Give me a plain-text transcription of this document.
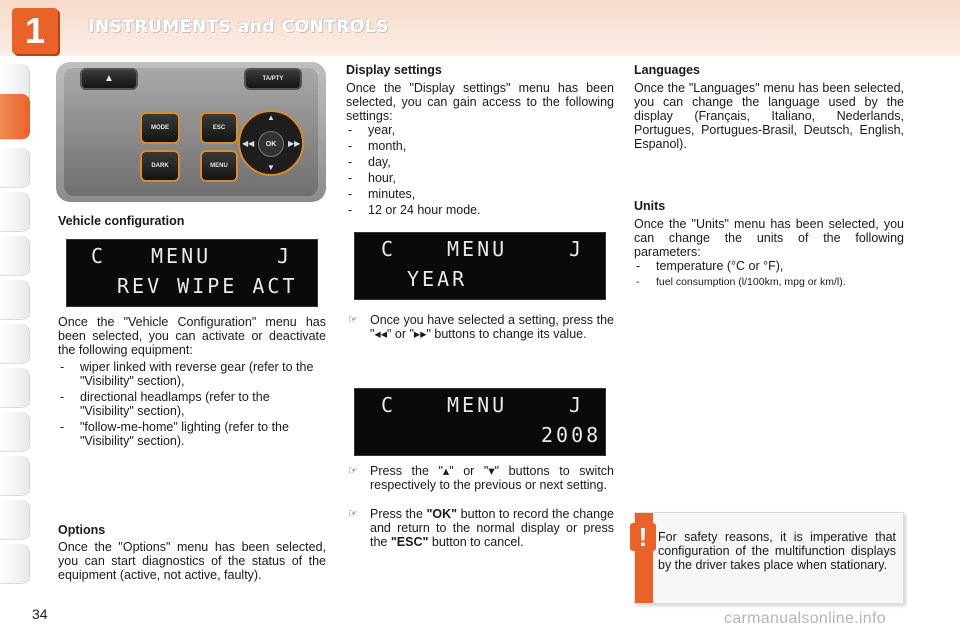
1	INSTRUMENTS and CONTROLS
▲	TA/PTY
MODE
DARK
ESC
MENU
▲
▼
◀◀	▶▶
OK
Vehicle configuration
C MENU	J
REV WIPE ACT
Once the "Vehicle Configuration" menu has been selected, you can activate or deactivate the following equipment:
- wiper linked with reverse gear (refer to the "Visibility" section),
- directional headlamps (refer to the "Visibility" section),
- "follow-me-home" lighting (refer to the "Visibility" section).
Options
Once the "Options" menu has been selected, you can start diagnostics of the status of the equipment (active, not active, faulty).
Display settings
Once the "Display settings" menu has been selected, you can gain access to the following settings:
- year,
- month,
- day,
- hour,
- minutes,
- 12 or 24 hour mode.
C	MENU	J
YEAR
☞ Once you have selected a setting, press the "◂◂" or "▸▸" buttons to change its value.
C	MENU	J
2008
☞ Press the "▴" or "▾" buttons to switch respectively to the previous or next setting.
☞ Press the "OK" button to record the change and return to the normal display or press the "ESC" button to cancel.
Languages
Once the "Languages" menu has been selected, you can change the language used by the display (Français, Italiano, Nederlands, Portugues, Portugues-Brasil, Deutsch, English, Espanol).
Units
Once the "Units" menu has been selected, you can change the units of the following parameters:
- temperature (°C or °F),
- fuel consumption (l/100km, mpg or km/l).
! For safety reasons, it is imperative that configuration of the multifunction displays by the driver takes place when stationary.
34	carmanualsonline.info
